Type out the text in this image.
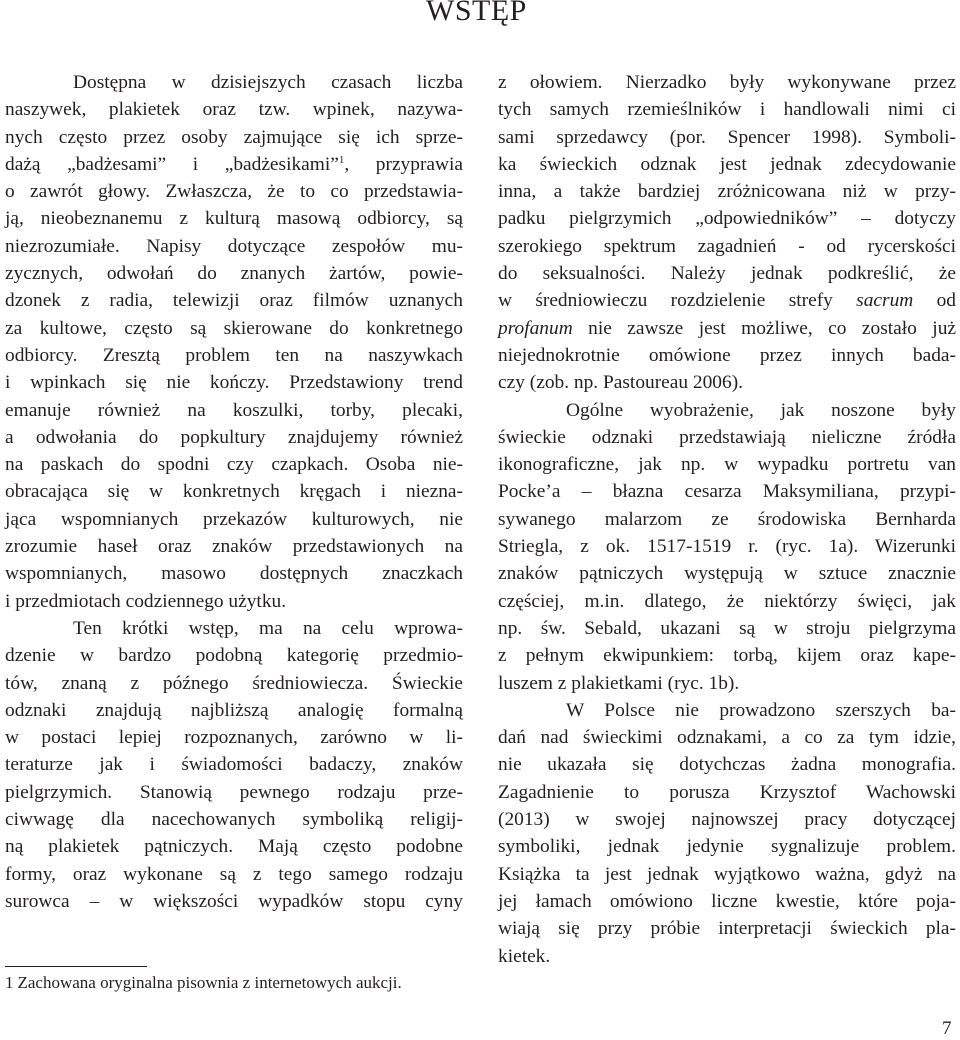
WSTĘP
Dostępna w dzisiejszych czasach liczba
naszywek, plakietek oraz tzw. wpinek, nazywa-
nych często przez osoby zajmujące się ich sprze-
dażą „badżesami” i „badżesikami”$^1$, przyprawia
o zawrót głowy. Zwłaszcza, że to co przedstawia-
ją, nieobeznanemu z kulturą masową odbiorcy, są
niezrozumiałe. Napisy dotyczące zespołów mu-
zycznych, odwołań do znanych żartów, powie-
dzonek z radia, telewizji oraz filmów uznanych
za kultowe, często są skierowane do konkretnego
odbiorcy. Zresztą problem ten na naszywkach
i wpinkach się nie kończy. Przedstawiony trend
emanuje również na koszulki, torby, plecaki,
a odwołania do popkultury znajdujemy również
na paskach do spodni czy czapkach. Osoba nie-
obracająca się w konkretnych kręgach i niezna-
jąca wspomnianych przekazów kulturowych, nie
zrozumie haseł oraz znaków przedstawionych na
wspomnianych, masowo dostępnych znaczkach
i przedmiotach codziennego użytku.
Ten krótki wstęp, ma na celu wprowa-
dzenie w bardzo podobną kategorię przedmio-
tów, znaną z późnego średniowiecza. Świeckie
odznaki znajdują najbliższą analogię formalną
w postaci lepiej rozpoznanych, zarówno w li-
teraturze jak i świadomości badaczy, znaków
pielgrzymich. Stanowią pewnego rodzaju prze-
ciwwagę dla nacechowanych symboliką religij-
ną plakietek pątniczych. Mają często podobne
formy, oraz wykonane są z tego samego rodzaju
surowca – w większości wypadków stopu cyny
z ołowiem. Nierzadko były wykonywane przez
tych samych rzemieślników i handlowali nimi ci
sami sprzedawcy (por. Spencer 1998). Symboli-
ka świeckich odznak jest jednak zdecydowanie
inna, a także bardziej zróżnicowana niż w przy-
padku pielgrzymich „odpowiedników” – dotyczy
szerokiego spektrum zagadnień - od rycerskości
do seksualności. Należy jednak podkreślić, że
w średniowieczu rozdzielenie strefy sacrum od
profanum nie zawsze jest możliwe, co zostało już
niejednokrotnie omówione przez innych bada-
czy (zob. np. Pastoureau 2006).
Ogólne wyobrażenie, jak noszone były
świeckie odznaki przedstawiają nieliczne źródła
ikonograficzne, jak np. w wypadku portretu van
Pocke’a – błazna cesarza Maksymiliana, przypi-
sywanego malarzom ze środowiska Bernharda
Striegla, z ok. 1517-1519 r. (ryc. 1a). Wizerunki
znaków pątniczych występują w sztuce znacznie
częściej, m.in. dlatego, że niektórzy święci, jak
np. św. Sebald, ukazani są w stroju pielgrzyma
z pełnym ekwipunkiem: torbą, kijem oraz kape-
luszem z plakietkami (ryc. 1b).
W Polsce nie prowadzono szerszych ba-
dań nad świeckimi odznakami, a co za tym idzie,
nie ukazała się dotychczas żadna monografia.
Zagadnienie to porusza Krzysztof Wachowski
(2013) w swojej najnowszej pracy dotyczącej
symboliki, jednak jedynie sygnalizuje problem.
Książka ta jest jednak wyjątkowo ważna, gdyż na
jej łamach omówiono liczne kwestie, które poja-
wiają się przy próbie interpretacji świeckich pla-
kietek.
1 Zachowana oryginalna pisownia z internetowych aukcji.
7
